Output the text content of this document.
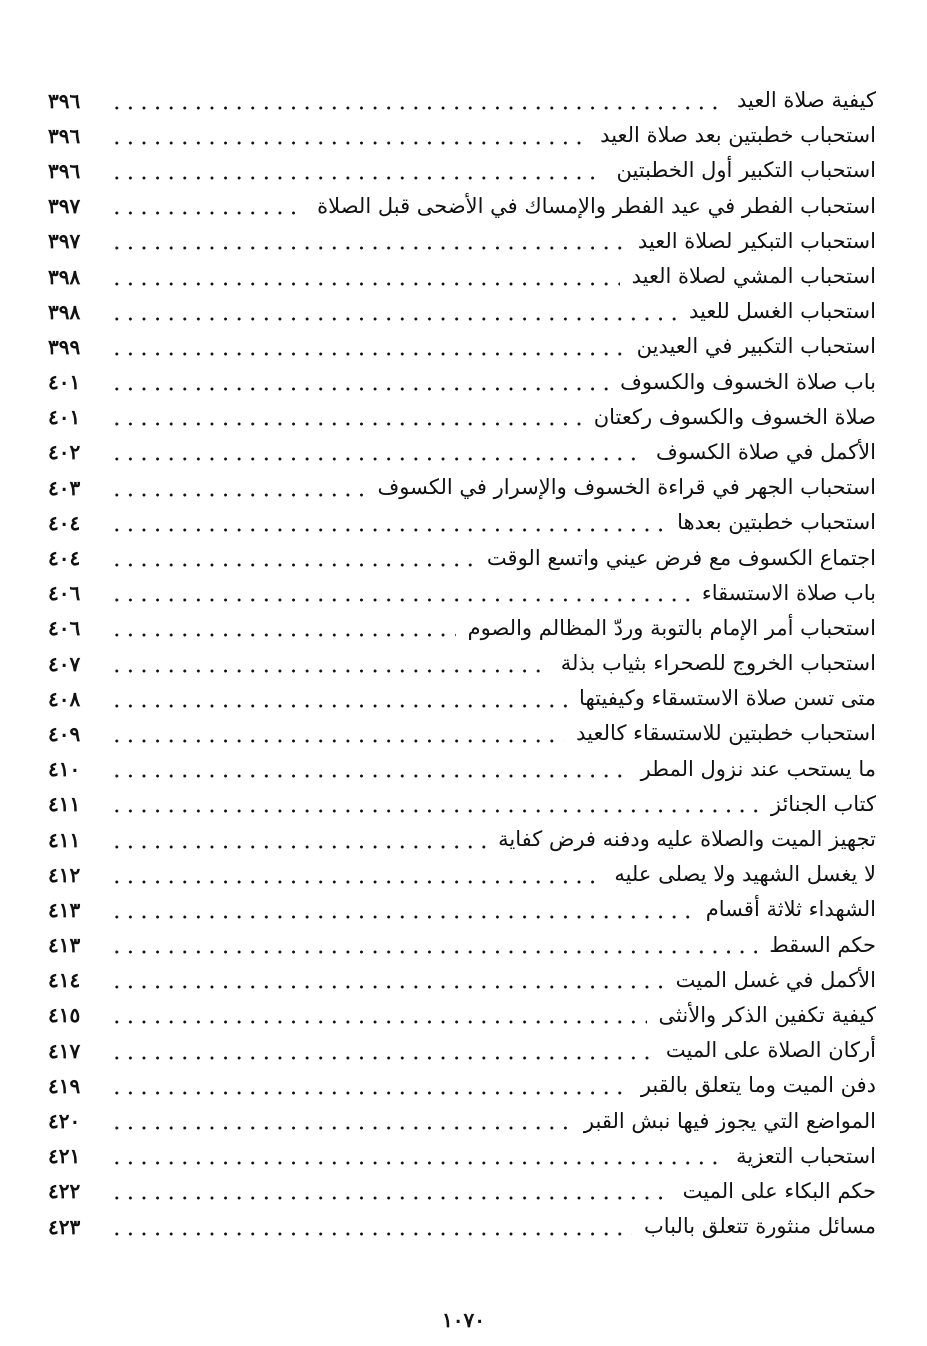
كيفية صلاة العيد
٣٩٦
استحباب خطبتين بعد صلاة العيد
٣٩٦
استحباب التكبير أول الخطبتين
٣٩٦
استحباب الفطر في عيد الفطر والإمساك في الأضحى قبل الصلاة
٣٩٧
استحباب التبكير لصلاة العيد
٣٩٧
استحباب المشي لصلاة العيد
٣٩٨
استحباب الغسل للعيد
٣٩٨
استحباب التكبير في العيدين
٣٩٩
باب صلاة الخسوف والكسوف
٤٠١
صلاة الخسوف والكسوف ركعتان
٤٠١
الأكمل في صلاة الكسوف
٤٠٢
استحباب الجهر في قراءة الخسوف والإسرار في الكسوف
٤٠٣
استحباب خطبتين بعدها
٤٠٤
اجتماع الكسوف مع فرض عيني واتسع الوقت
٤٠٤
باب صلاة الاستسقاء
٤٠٦
استحباب أمر الإمام بالتوبة وردّ المظالم والصوم
٤٠٦
استحباب الخروج للصحراء بثياب بذلة
٤٠٧
متى تسن صلاة الاستسقاء وكيفيتها
٤٠٨
استحباب خطبتين للاستسقاء كالعيد
٤٠٩
ما يستحب عند نزول المطر
٤١٠
كتاب الجنائز
٤١١
تجهيز الميت والصلاة عليه ودفنه فرض كفاية
٤١١
لا يغسل الشهيد ولا يصلى عليه
٤١٢
الشهداء ثلاثة أقسام
٤١٣
حكم السقط
٤١٣
الأكمل في غسل الميت
٤١٤
كيفية تكفين الذكر والأنثى
٤١٥
أركان الصلاة على الميت
٤١٧
دفن الميت وما يتعلق بالقبر
٤١٩
المواضع التي يجوز فيها نبش القبر
٤٢٠
استحباب التعزية
٤٢١
حكم البكاء على الميت
٤٢٢
مسائل منثورة تتعلق بالباب
٤٢٣
١٠٧٠
